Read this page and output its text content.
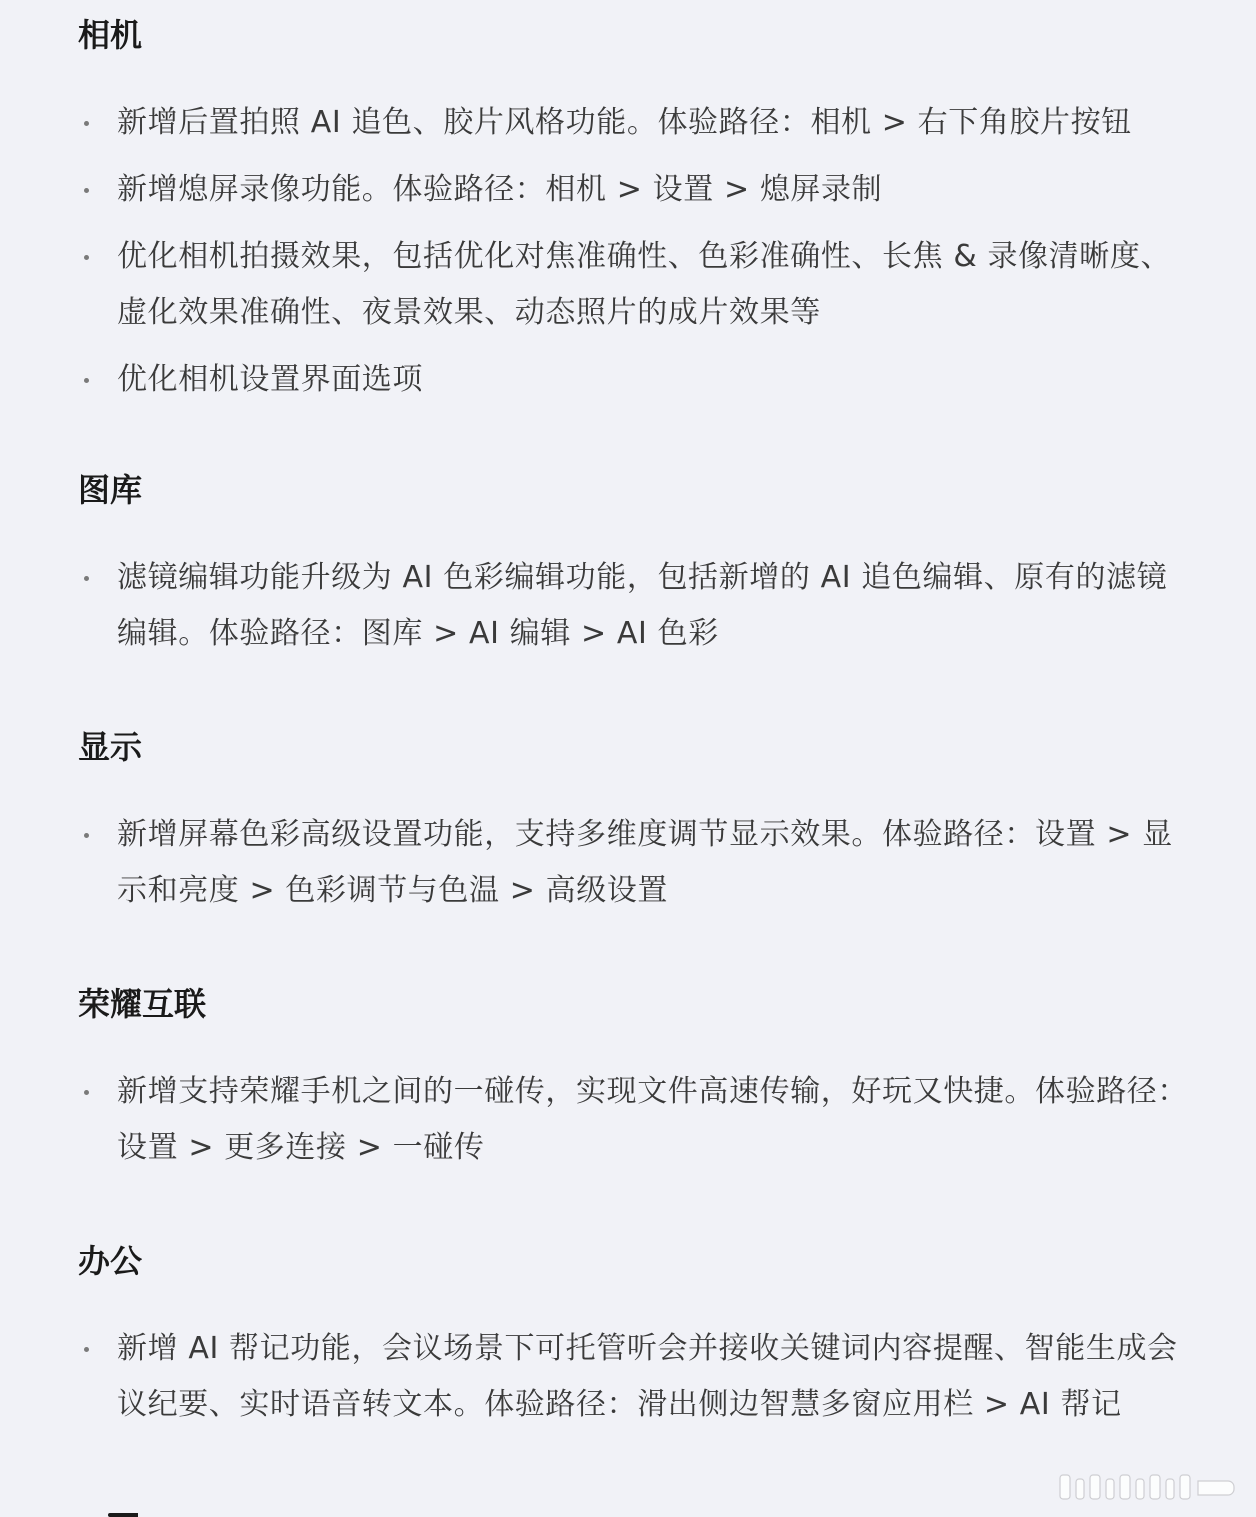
相机
新增后置拍照 AI 追色、胶片风格功能。体验路径：相机 > 右下角胶片按钮
新增熄屏录像功能。体验路径：相机 > 设置 > 熄屏录制
优化相机拍摄效果，包括优化对焦准确性、色彩准确性、长焦 & 录像清晰度、虚化效果准确性、夜景效果、动态照片的成片效果等
优化相机设置界面选项
图库
滤镜编辑功能升级为 AI 色彩编辑功能，包括新增的 AI 追色编辑、原有的滤镜编辑。体验路径：图库 > AI 编辑 > AI 色彩
显示
新增屏幕色彩高级设置功能，支持多维度调节显示效果。体验路径：设置 > 显示和亮度 > 色彩调节与色温 > 高级设置
荣耀互联
新增支持荣耀手机之间的一碰传，实现文件高速传输，好玩又快捷。体验路径：设置 > 更多连接 > 一碰传
办公
新增 AI 帮记功能，会议场景下可托管听会并接收关键词内容提醒、智能生成会议纪要、实时语音转文本。体验路径：滑出侧边智慧多窗应用栏 > AI 帮记
